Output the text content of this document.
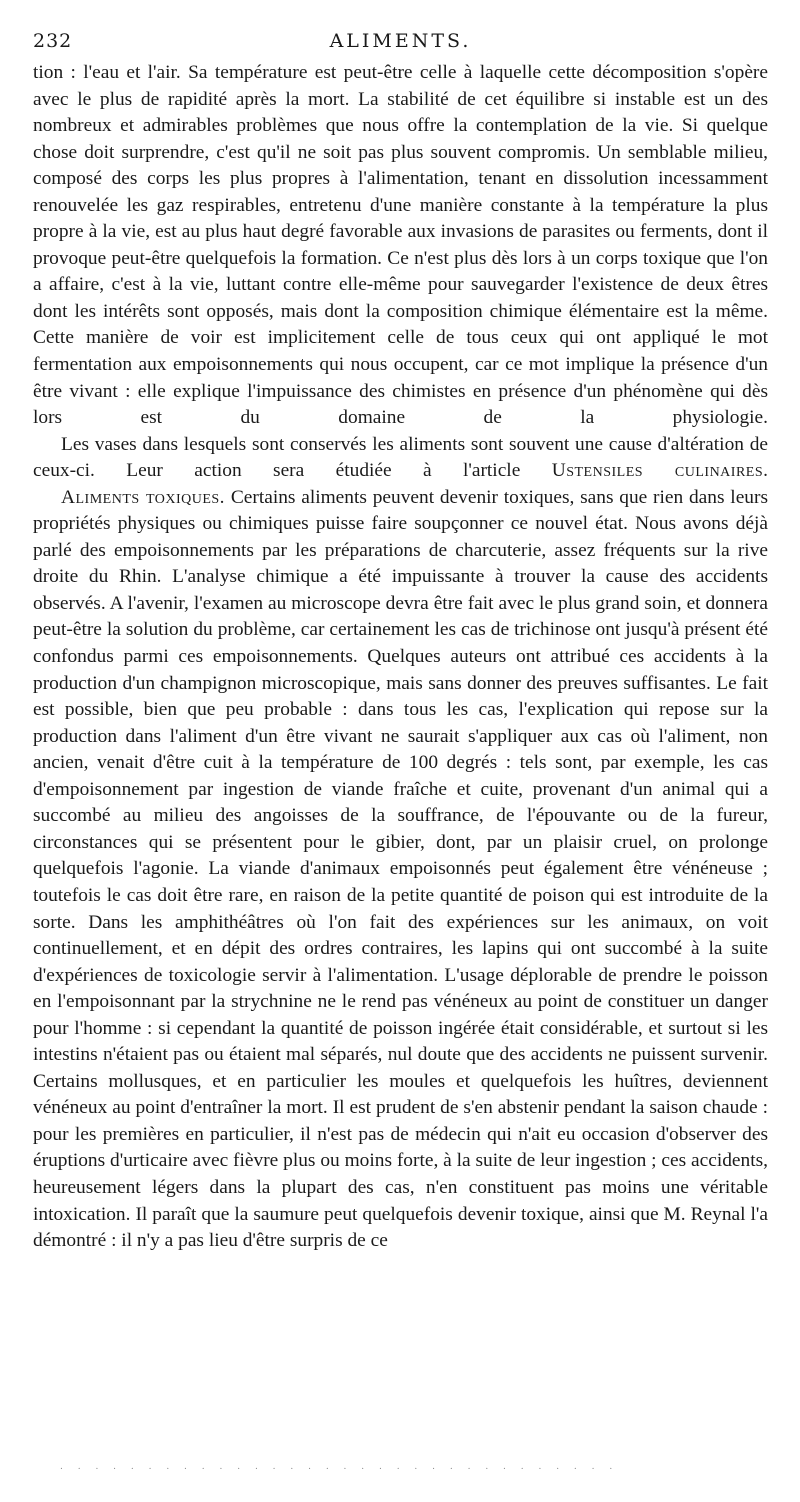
232	ALIMENTS.

tion : l'eau et l'air. Sa température est peut-être celle à laquelle cette décomposition s'opère avec le plus de rapidité après la mort. La stabilité de cet équilibre si instable est un des nombreux et admirables problèmes que nous offre la contemplation de la vie. Si quelque chose doit surprendre, c'est qu'il ne soit pas plus souvent compromis. Un semblable milieu, composé des corps les plus propres à l'alimentation, tenant en dissolution incessamment renouvelée les gaz respirables, entretenu d'une manière constante à la température la plus propre à la vie, est au plus haut degré favorable aux invasions de parasites ou ferments, dont il provoque peut-être quelquefois la formation. Ce n'est plus dès lors à un corps toxique que l'on a affaire, c'est à la vie, luttant contre elle-même pour sauvegarder l'existence de deux êtres dont les intérêts sont opposés, mais dont la composition chimique élémentaire est la même. Cette manière de voir est implicitement celle de tous ceux qui ont appliqué le mot fermentation aux empoisonnements qui nous occupent, car ce mot implique la présence d'un être vivant : elle explique l'impuissance des chimistes en présence d'un phénomène qui dès lors est du domaine de la physiologie.

Les vases dans lesquels sont conservés les aliments sont souvent une cause d'altération de ceux-ci. Leur action sera étudiée à l'article Ustensiles culinaires.

Aliments toxiques. Certains aliments peuvent devenir toxiques, sans que rien dans leurs propriétés physiques ou chimiques puisse faire soupçonner ce nouvel état. Nous avons déjà parlé des empoisonnements par les préparations de charcuterie, assez fréquents sur la rive droite du Rhin. L'analyse chimique a été impuissante à trouver la cause des accidents observés. A l'avenir, l'examen au microscope devra être fait avec le plus grand soin, et donnera peut-être la solution du problème, car certainement les cas de trichinose ont jusqu'à présent été confondus parmi ces empoisonnements. Quelques auteurs ont attribué ces accidents à la production d'un champignon microscopique, mais sans donner des preuves suffisantes. Le fait est possible, bien que peu probable : dans tous les cas, l'explication qui repose sur la production dans l'aliment d'un être vivant ne saurait s'appliquer aux cas où l'aliment, non ancien, venait d'être cuit à la température de 100 degrés : tels sont, par exemple, les cas d'empoisonnement par ingestion de viande fraîche et cuite, provenant d'un animal qui a succombé au milieu des angoisses de la souffrance, de l'épouvante ou de la fureur, circonstances qui se présentent pour le gibier, dont, par un plaisir cruel, on prolonge quelquefois l'agonie. La viande d'animaux empoisonnés peut également être vénéneuse ; toutefois le cas doit être rare, en raison de la petite quantité de poison qui est introduite de la sorte. Dans les amphithéâtres où l'on fait des expériences sur les animaux, on voit continuellement, et en dépit des ordres contraires, les lapins qui ont succombé à la suite d'expériences de toxicologie servir à l'alimentation. L'usage déplorable de prendre le poisson en l'empoisonnant par la strychnine ne le rend pas vénéneux au point de constituer un danger pour l'homme : si cependant la quantité de poisson ingérée était considérable, et surtout si les intestins n'étaient pas ou étaient mal séparés, nul doute que des accidents ne puissent survenir. Certains mollusques, et en particulier les moules et quelquefois les huîtres, deviennent vénéneux au point d'entraîner la mort. Il est prudent de s'en abstenir pendant la saison chaude : pour les premières en particulier, il n'est pas de médecin qui n'ait eu occasion d'observer des éruptions d'urticaire avec fièvre plus ou moins forte, à la suite de leur ingestion ; ces accidents, heureusement légers dans la plupart des cas, n'en constituent pas moins une véritable intoxication. Il paraît que la saumure peut quelquefois devenir toxique, ainsi que M. Reynal l'a démontré : il n'y a pas lieu d'être surpris de ce

. . . . . . . . . . . . . . . . . . . . . . . . . . . . . . . .
